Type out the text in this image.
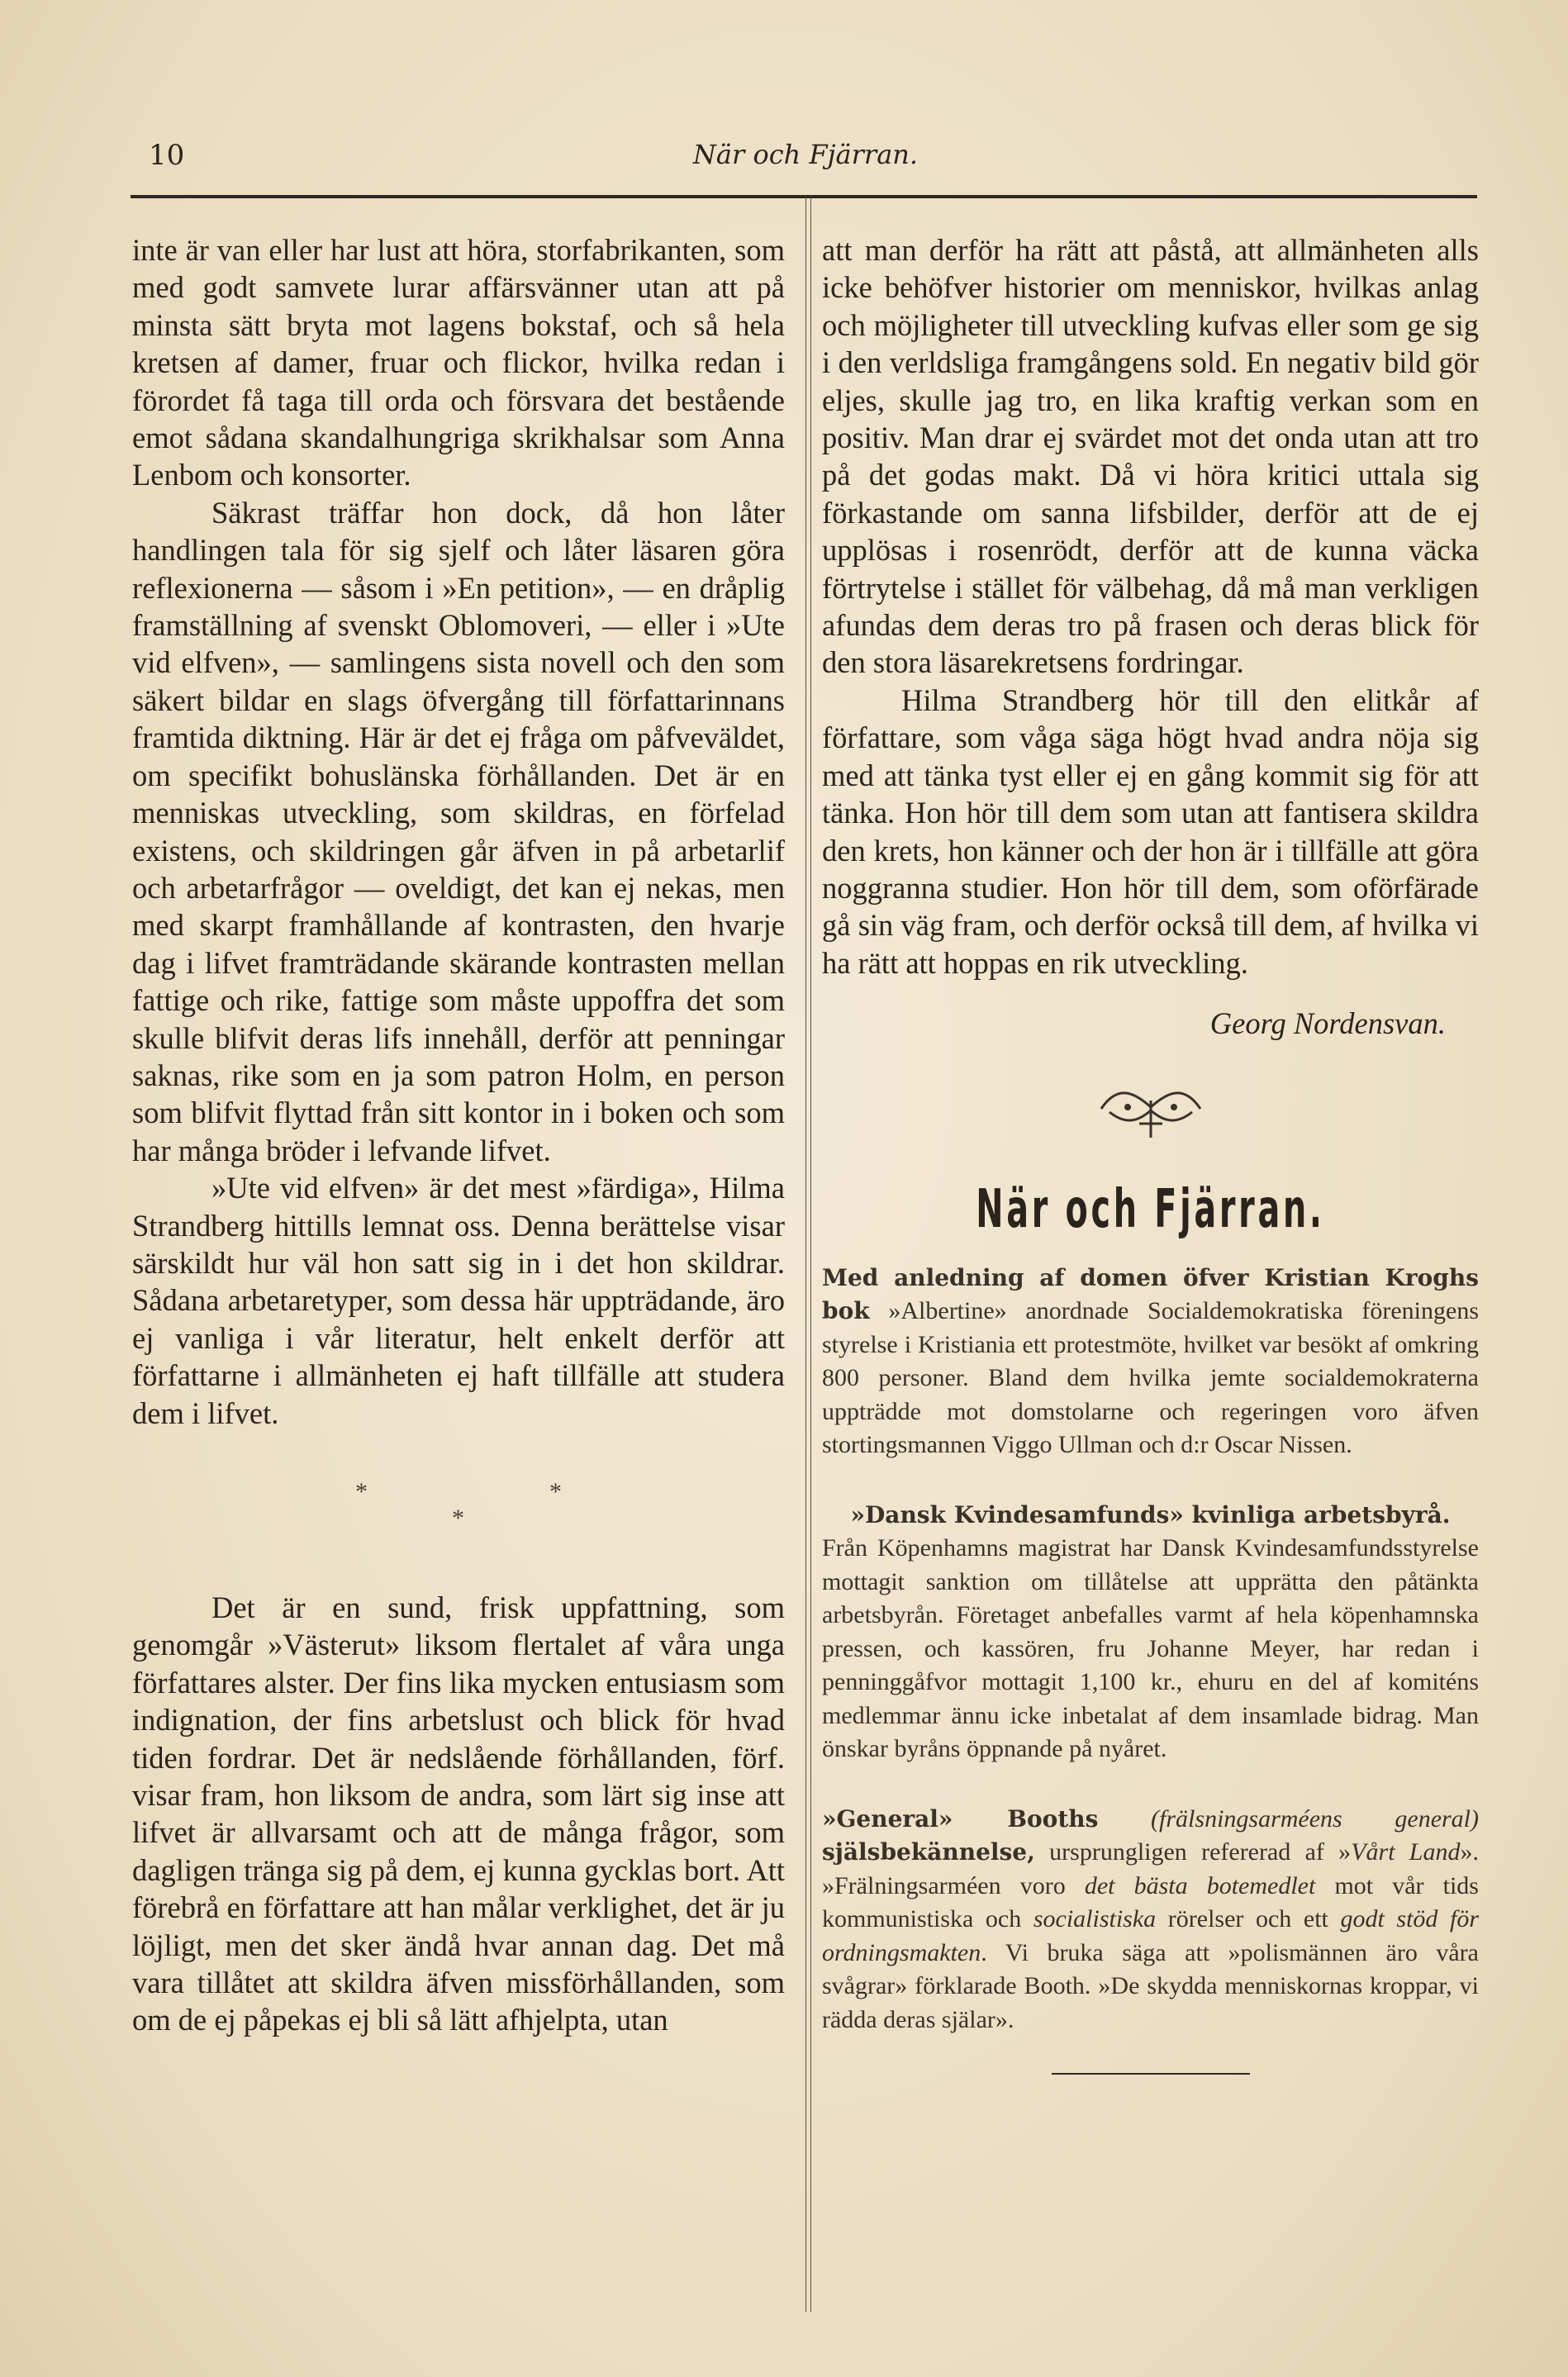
10	När och Fjärran.

inte är van eller har lust att höra, storfabrikanten, som med godt samvete lurar affärsvänner utan att på minsta sätt bryta mot lagens bokstaf, och så hela kretsen af damer, fruar och flickor, hvilka redan i förordet få taga till orda och försvara det bestående emot sådana skandalhungriga skrikhalsar som Anna Lenbom och konsorter.

Säkrast träffar hon dock, då hon låter handlingen tala för sig sjelf och låter läsaren göra reflexionerna — såsom i »En petition», — en dråplig framställning af svenskt Oblomoveri, — eller i »Ute vid elfven», — samlingens sista novell och den som säkert bildar en slags öfvergång till författarinnans framtida diktning. Här är det ej fråga om påfveväldet, om specifikt bohuslänska förhållanden. Det är en menniskas utveckling, som skildras, en förfelad existens, och skildringen går äfven in på arbetarlif och arbetarfrågor — oveldigt, det kan ej nekas, men med skarpt framhållande af kontrasten, den hvarje dag i lifvet framträdande skärande kontrasten mellan fattige och rike, fattige som måste uppoffra det som skulle blifvit deras lifs innehåll, derför att penningar saknas, rike som en ja som patron Holm, en person som blifvit flyttad från sitt kontor in i boken och som har många bröder i lefvande lifvet.

»Ute vid elfven» är det mest »färdiga», Hilma Strandberg hittills lemnat oss. Denna berättelse visar särskildt hur väl hon satt sig in i det hon skildrar. Sådana arbetaretyper, som dessa här uppträdande, äro ej vanliga i vår literatur, helt enkelt derför att författarne i allmänheten ej haft tillfälle att studera dem i lifvet.

*	*
*

Det är en sund, frisk uppfattning, som genomgår »Västerut» liksom flertalet af våra unga författares alster. Der fins lika mycken entusiasm som indignation, der fins arbetslust och blick för hvad tiden fordrar. Det är nedslående förhållanden, förf. visar fram, hon liksom de andra, som lärt sig inse att lifvet är allvarsamt och att de många frågor, som dagligen tränga sig på dem, ej kunna gycklas bort. Att förebrå en författare att han målar verklighet, det är ju löjligt, men det sker ändå hvar annan dag. Det må vara tillåtet att skildra äfven missförhållanden, som om de ej påpekas ej bli så lätt afhjelpta, utan

att man derför ha rätt att påstå, att allmänheten alls icke behöfver historier om menniskor, hvilkas anlag och möjligheter till utveckling kufvas eller som ge sig i den verldsliga framgångens sold. En negativ bild gör eljes, skulle jag tro, en lika kraftig verkan som en positiv. Man drar ej svärdet mot det onda utan att tro på det godas makt. Då vi höra kritici uttala sig förkastande om sanna lifsbilder, derför att de ej upplösas i rosenrödt, derför att de kunna väcka förtrytelse i stället för välbehag, då må man verkligen afundas dem deras tro på frasen och deras blick för den stora läsarekretsens fordringar.

Hilma Strandberg hör till den elitkår af författare, som våga säga högt hvad andra nöja sig med att tänka tyst eller ej en gång kommit sig för att tänka. Hon hör till dem som utan att fantisera skildra den krets, hon känner och der hon är i tillfälle att göra noggranna studier. Hon hör till dem, som oförfärade gå sin väg fram, och derför också till dem, af hvilka vi ha rätt att hoppas en rik utveckling.

Georg Nordensvan.
När och Fjärran.

Med anledning af domen öfver Kristian Kroghs bok »Albertine» anordnade Socialdemokratiska föreningens styrelse i Kristiania ett protestmöte, hvilket var besökt af omkring 800 personer. Bland dem hvilka jemte socialdemokraterna uppträdde mot domstolarne och regeringen voro äfven stortingsmannen Viggo Ullman och d:r Oscar Nissen.

»Dansk Kvindesamfunds» kvinliga arbetsbyrå.
Från Köpenhamns magistrat har Dansk Kvindesamfundsstyrelse mottagit sanktion om tillåtelse att upprätta den påtänkta arbetsbyrån. Företaget anbefalles varmt af hela köpenhamnska pressen, och kassören, fru Johanne Meyer, har redan i penninggåfvor mottagit 1,100 kr., ehuru en del af komiténs medlemmar ännu icke inbetalat af dem insamlade bidrag. Man önskar byråns öppnande på nyåret.

»General» Booths (frälsningsarméens general) själsbekännelse, ursprungligen refererad af »Vårt Land». »Frälningsarméen voro det bästa botemedlet mot vår tids kommunistiska och socialistiska rörelser och ett godt stöd för ordningsmakten. Vi bruka säga att »polismännen äro våra svågrar» förklarade Booth. »De skydda menniskornas kroppar, vi rädda deras själar».
